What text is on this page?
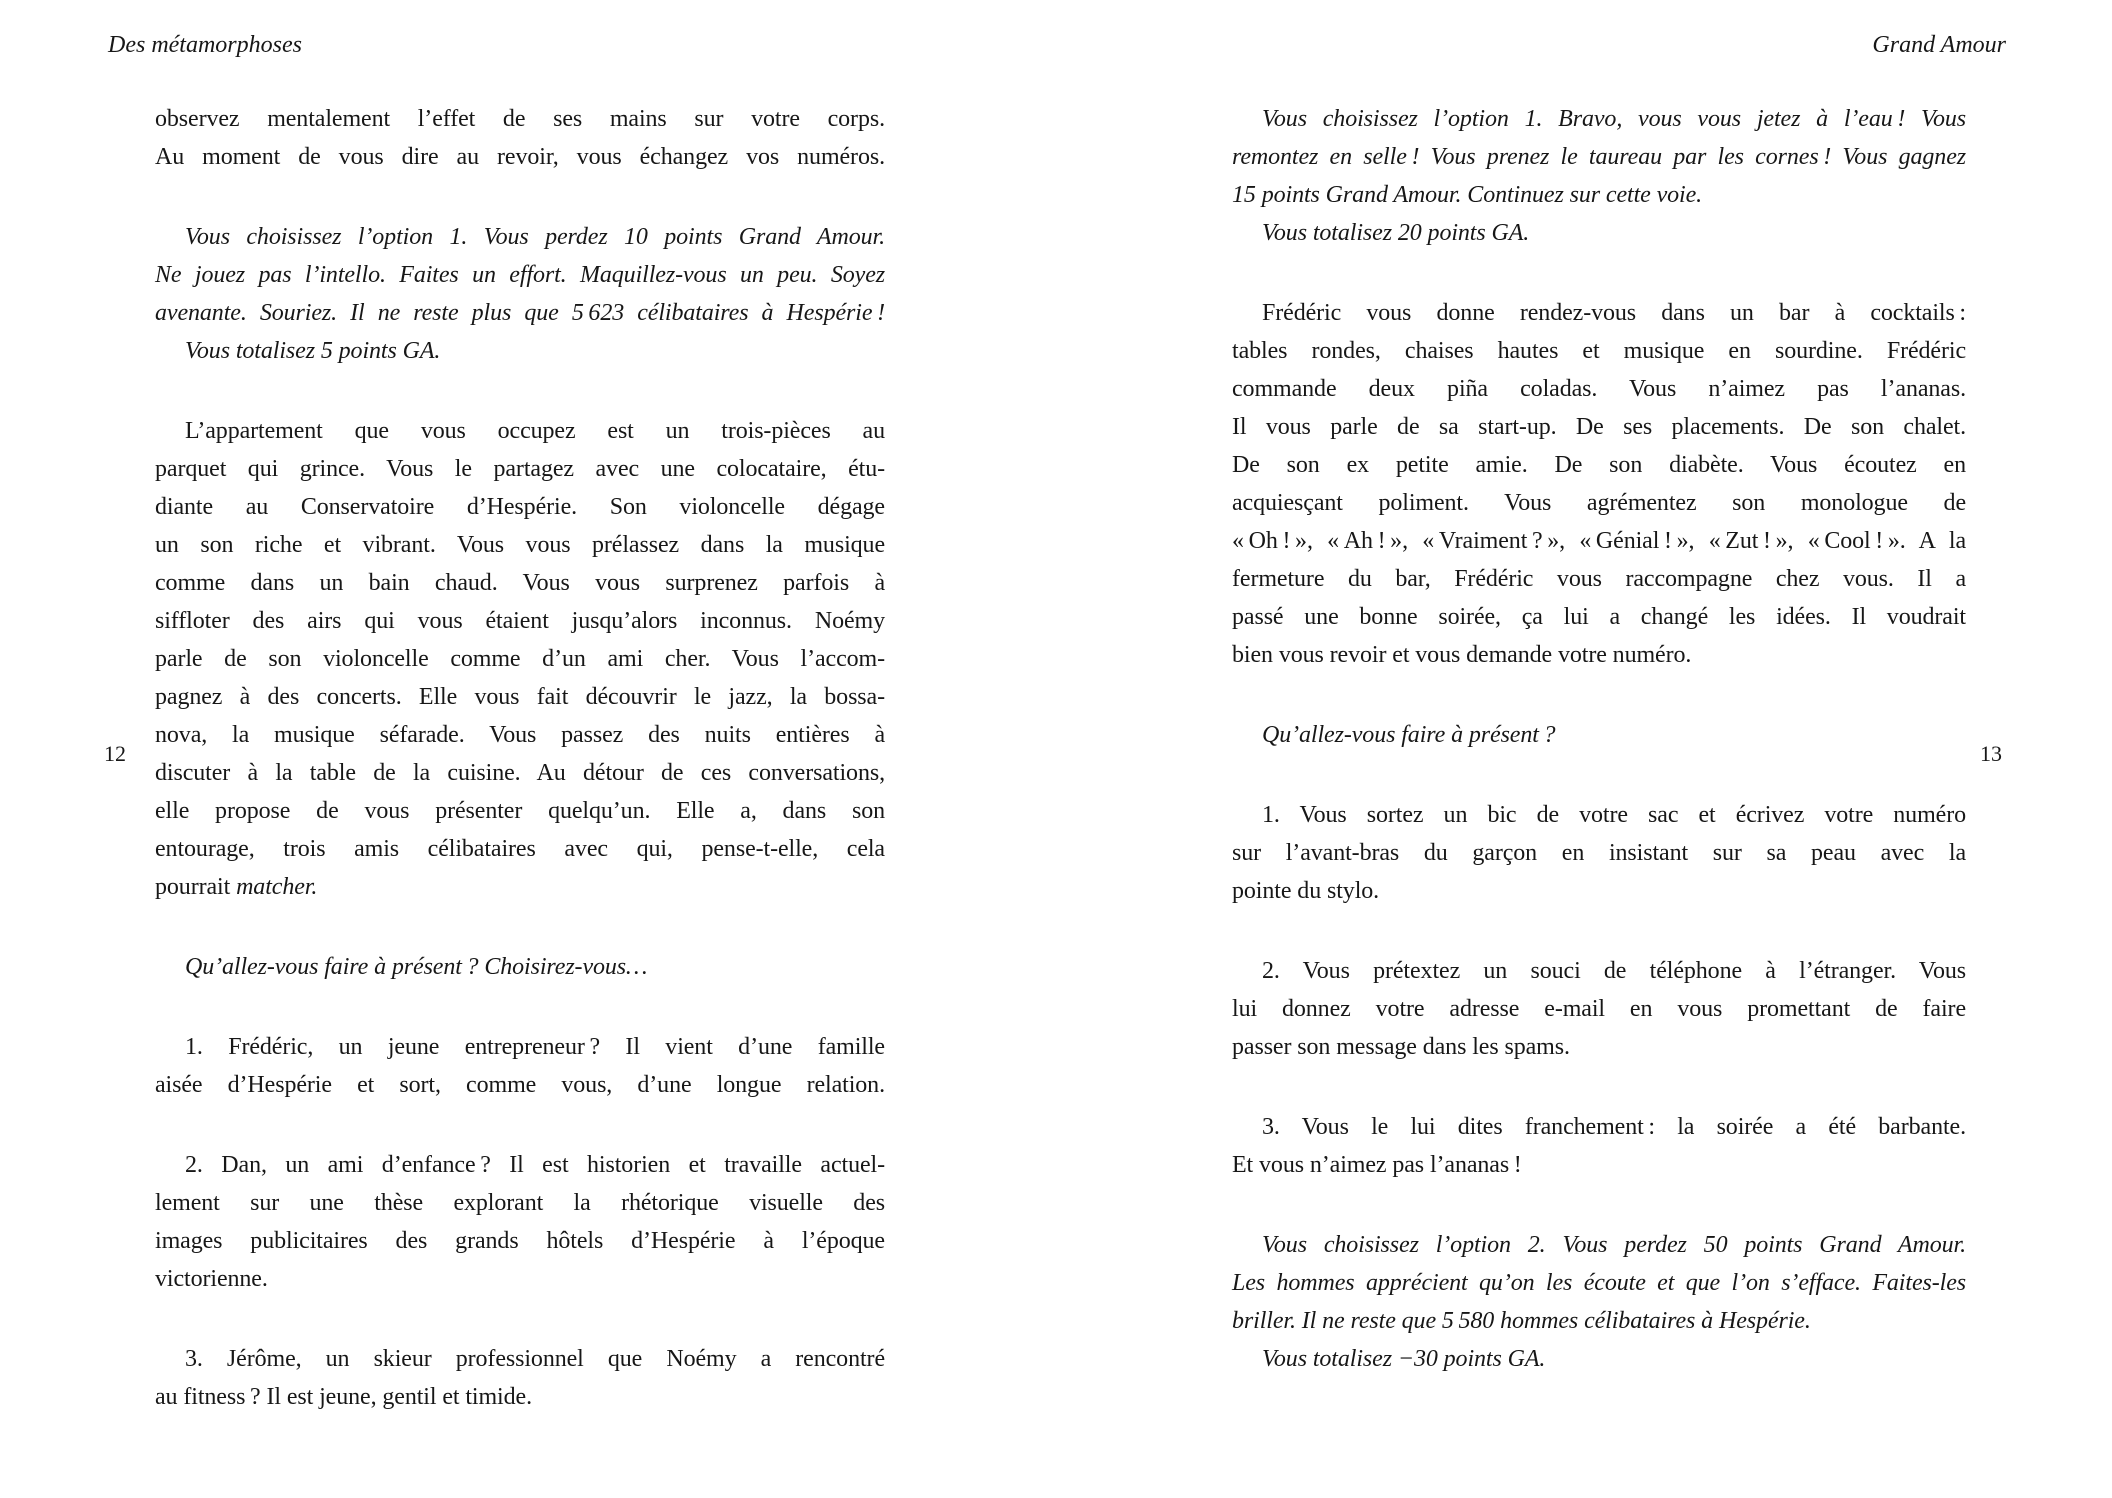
Des métamorphoses
12
observez mentalement l’effet de ses mains sur votre corps.
Au moment de vous dire au revoir, vous échangez vos numéros.
Vous choisissez l’option 1. Vous perdez 10 points Grand Amour.
Ne jouez pas l’intello. Faites un effort. Maquillez-vous un peu. Soyez
avenante. Souriez. Il ne reste plus que 5 623 célibataires à Hespérie !
Vous totalisez 5 points GA.
L’appartement que vous occupez est un trois-pièces au
parquet qui grince. Vous le partagez avec une colocataire, étu-
diante au Conservatoire d’Hespérie. Son violoncelle dégage
un son riche et vibrant. Vous vous prélassez dans la musique
comme dans un bain chaud. Vous vous surprenez parfois à
siffloter des airs qui vous étaient jusqu’alors inconnus. Noémy
parle de son violoncelle comme d’un ami cher. Vous l’accom-
pagnez à des concerts. Elle vous fait découvrir le jazz, la bossa-
nova, la musique séfarade. Vous passez des nuits entières à
discuter à la table de la cuisine. Au détour de ces conversations,
elle propose de vous présenter quelqu’un. Elle a, dans son
entourage, trois amis célibataires avec qui, pense-t-elle, cela
pourrait matcher.
Qu’allez-vous faire à présent ? Choisirez-vous…
1. Frédéric, un jeune entrepreneur ? Il vient d’une famille
aisée d’Hespérie et sort, comme vous, d’une longue relation.
2. Dan, un ami d’enfance ? Il est historien et travaille actuel-
lement sur une thèse explorant la rhétorique visuelle des
images publicitaires des grands hôtels d’Hespérie à l’époque
victorienne.
3. Jérôme, un skieur professionnel que Noémy a rencontré
au fitness ? Il est jeune, gentil et timide.
Grand Amour
13
Vous choisissez l’option 1. Bravo, vous vous jetez à l’eau ! Vous
remontez en selle ! Vous prenez le taureau par les cornes ! Vous gagnez
15 points Grand Amour. Continuez sur cette voie.
Vous totalisez 20 points GA.
Frédéric vous donne rendez-vous dans un bar à cocktails :
tables rondes, chaises hautes et musique en sourdine. Frédéric
commande deux piña coladas. Vous n’aimez pas l’ananas.
Il vous parle de sa start-up. De ses placements. De son chalet.
De son ex petite amie. De son diabète. Vous écoutez en
acquiesçant poliment. Vous agrémentez son monologue de
« Oh ! », « Ah ! », « Vraiment ? », « Génial ! », « Zut ! », « Cool ! ». A la
fermeture du bar, Frédéric vous raccompagne chez vous. Il a
passé une bonne soirée, ça lui a changé les idées. Il voudrait
bien vous revoir et vous demande votre numéro.
Qu’allez-vous faire à présent ?
1. Vous sortez un bic de votre sac et écrivez votre numéro
sur l’avant-bras du garçon en insistant sur sa peau avec la
pointe du stylo.
2. Vous prétextez un souci de téléphone à l’étranger. Vous
lui donnez votre adresse e-mail en vous promettant de faire
passer son message dans les spams.
3. Vous le lui dites franchement : la soirée a été barbante.
Et vous n’aimez pas l’ananas !
Vous choisissez l’option 2. Vous perdez 50 points Grand Amour.
Les hommes apprécient qu’on les écoute et que l’on s’efface. Faites-les
briller. Il ne reste que 5 580 hommes célibataires à Hespérie.
Vous totalisez −30 points GA.
